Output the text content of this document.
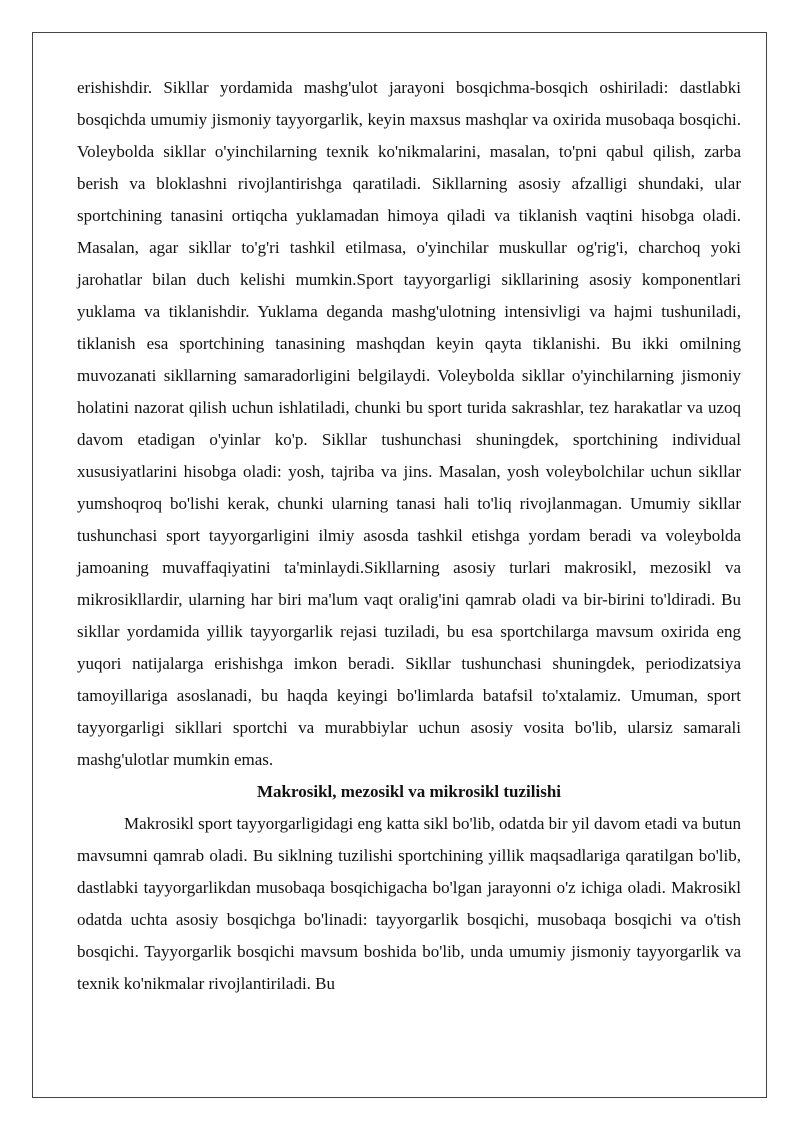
erishishdir. Sikllar yordamida mashg'ulot jarayoni bosqichma-bosqich oshiriladi: dastlabki bosqichda umumiy jismoniy tayyorgarlik, keyin maxsus mashqlar va oxirida musobaqa bosqichi. Voleybolda sikllar o'yinchilarning texnik ko'nikmalarini, masalan, to'pni qabul qilish, zarba berish va bloklashni rivojlantirishga qaratiladi. Sikllarning asosiy afzalligi shundaki, ular sportchining tanasini ortiqcha yuklamadan himoya qiladi va tiklanish vaqtini hisobga oladi. Masalan, agar sikllar to'g'ri tashkil etilmasa, o'yinchilar muskullar og'rig'i, charchoq yoki jarohatlar bilan duch kelishi mumkin.Sport tayyorgarligi sikllarining asosiy komponentlari yuklama va tiklanishdir. Yuklama deganda mashg'ulotning intensivligi va hajmi tushuniladi, tiklanish esa sportchining tanasining mashqdan keyin qayta tiklanishi. Bu ikki omilning muvozanati sikllarning samaradorligini belgilaydi. Voleybolda sikllar o'yinchilarning jismoniy holatini nazorat qilish uchun ishlatiladi, chunki bu sport turida sakrashlar, tez harakatlar va uzoq davom etadigan o'yinlar ko'p. Sikllar tushunchasi shuningdek, sportchining individual xususiyatlarini hisobga oladi: yosh, tajriba va jins. Masalan, yosh voleybolchilar uchun sikllar yumshoqroq bo'lishi kerak, chunki ularning tanasi hali to'liq rivojlanmagan. Umumiy sikllar tushunchasi sport tayyorgarligini ilmiy asosda tashkil etishga yordam beradi va voleybolda jamoaning muvaffaqiyatini ta'minlaydi.Sikllarning asosiy turlari makrosikl, mezosikl va mikrosikllardir, ularning har biri ma'lum vaqt oralig'ini qamrab oladi va bir-birini to'ldiradi. Bu sikllar yordamida yillik tayyorgarlik rejasi tuziladi, bu esa sportchilarga mavsum oxirida eng yuqori natijalarga erishishga imkon beradi. Sikllar tushunchasi shuningdek, periodizatsiya tamoyillariga asoslanadi, bu haqda keyingi bo'limlarda batafsil to'xtalamiz. Umuman, sport tayyorgarligi sikllari sportchi va murabbiylar uchun asosiy vosita bo'lib, ularsiz samarali mashg'ulotlar mumkin emas.

Makrosikl, mezosikl va mikrosikl tuzilishi

Makrosikl sport tayyorgarligidagi eng katta sikl bo'lib, odatda bir yil davom etadi va butun mavsumni qamrab oladi. Bu siklning tuzilishi sportchining yillik maqsadlariga qaratilgan bo'lib, dastlabki tayyorgarlikdan musobaqa bosqichigacha bo'lgan jarayonni o'z ichiga oladi. Makrosikl odatda uchta asosiy bosqichga bo'linadi: tayyorgarlik bosqichi, musobaqa bosqichi va o'tish bosqichi. Tayyorgarlik bosqichi mavsum boshida bo'lib, unda umumiy jismoniy tayyorgarlik va texnik ko'nikmalar rivojlantiriladi. Bu
